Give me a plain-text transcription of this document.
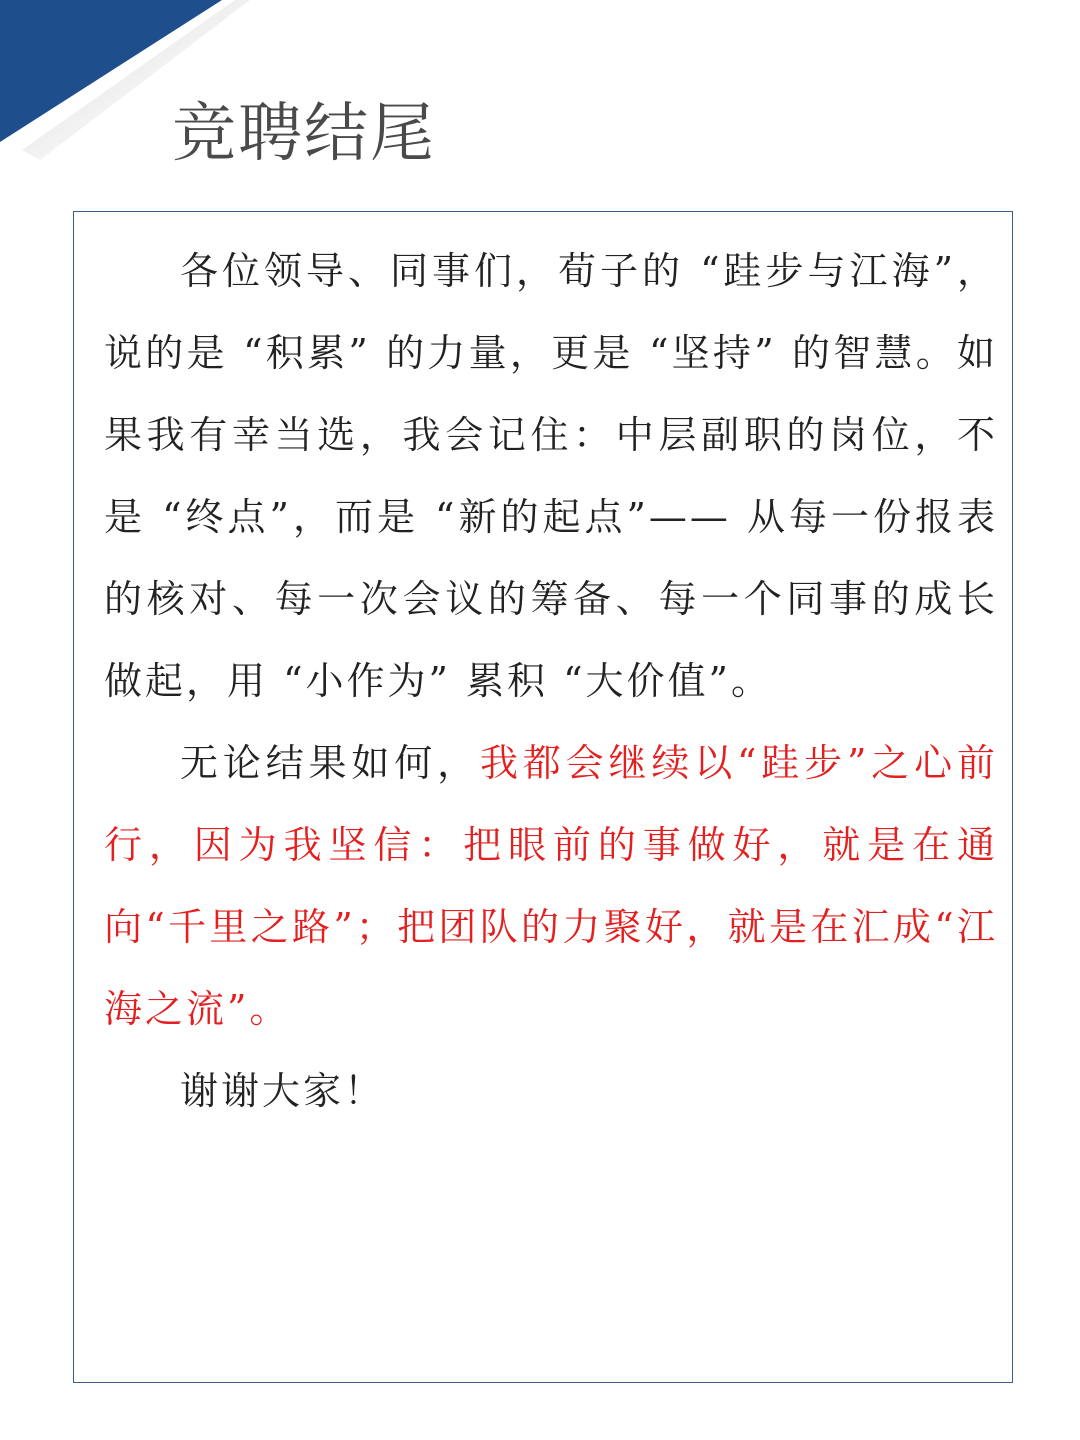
竞聘结尾

各位领导、同事们，荀子的 “跬步与江海”，说的是 “积累” 的力量，更是 “坚持” 的智慧。如果我有幸当选，我会记住：中层副职的岗位，不是 “终点”，而是 “新的起点”—— 从每一份报表的核对、每一次会议的筹备、每一个同事的成长做起，用 “小作为” 累积 “大价值”。

无论结果如何，我都会继续以“跬步”之心前行，因为我坚信：把眼前的事做好，就是在通向“千里之路”；把团队的力聚好，就是在汇成“江海之流”。

谢谢大家！
